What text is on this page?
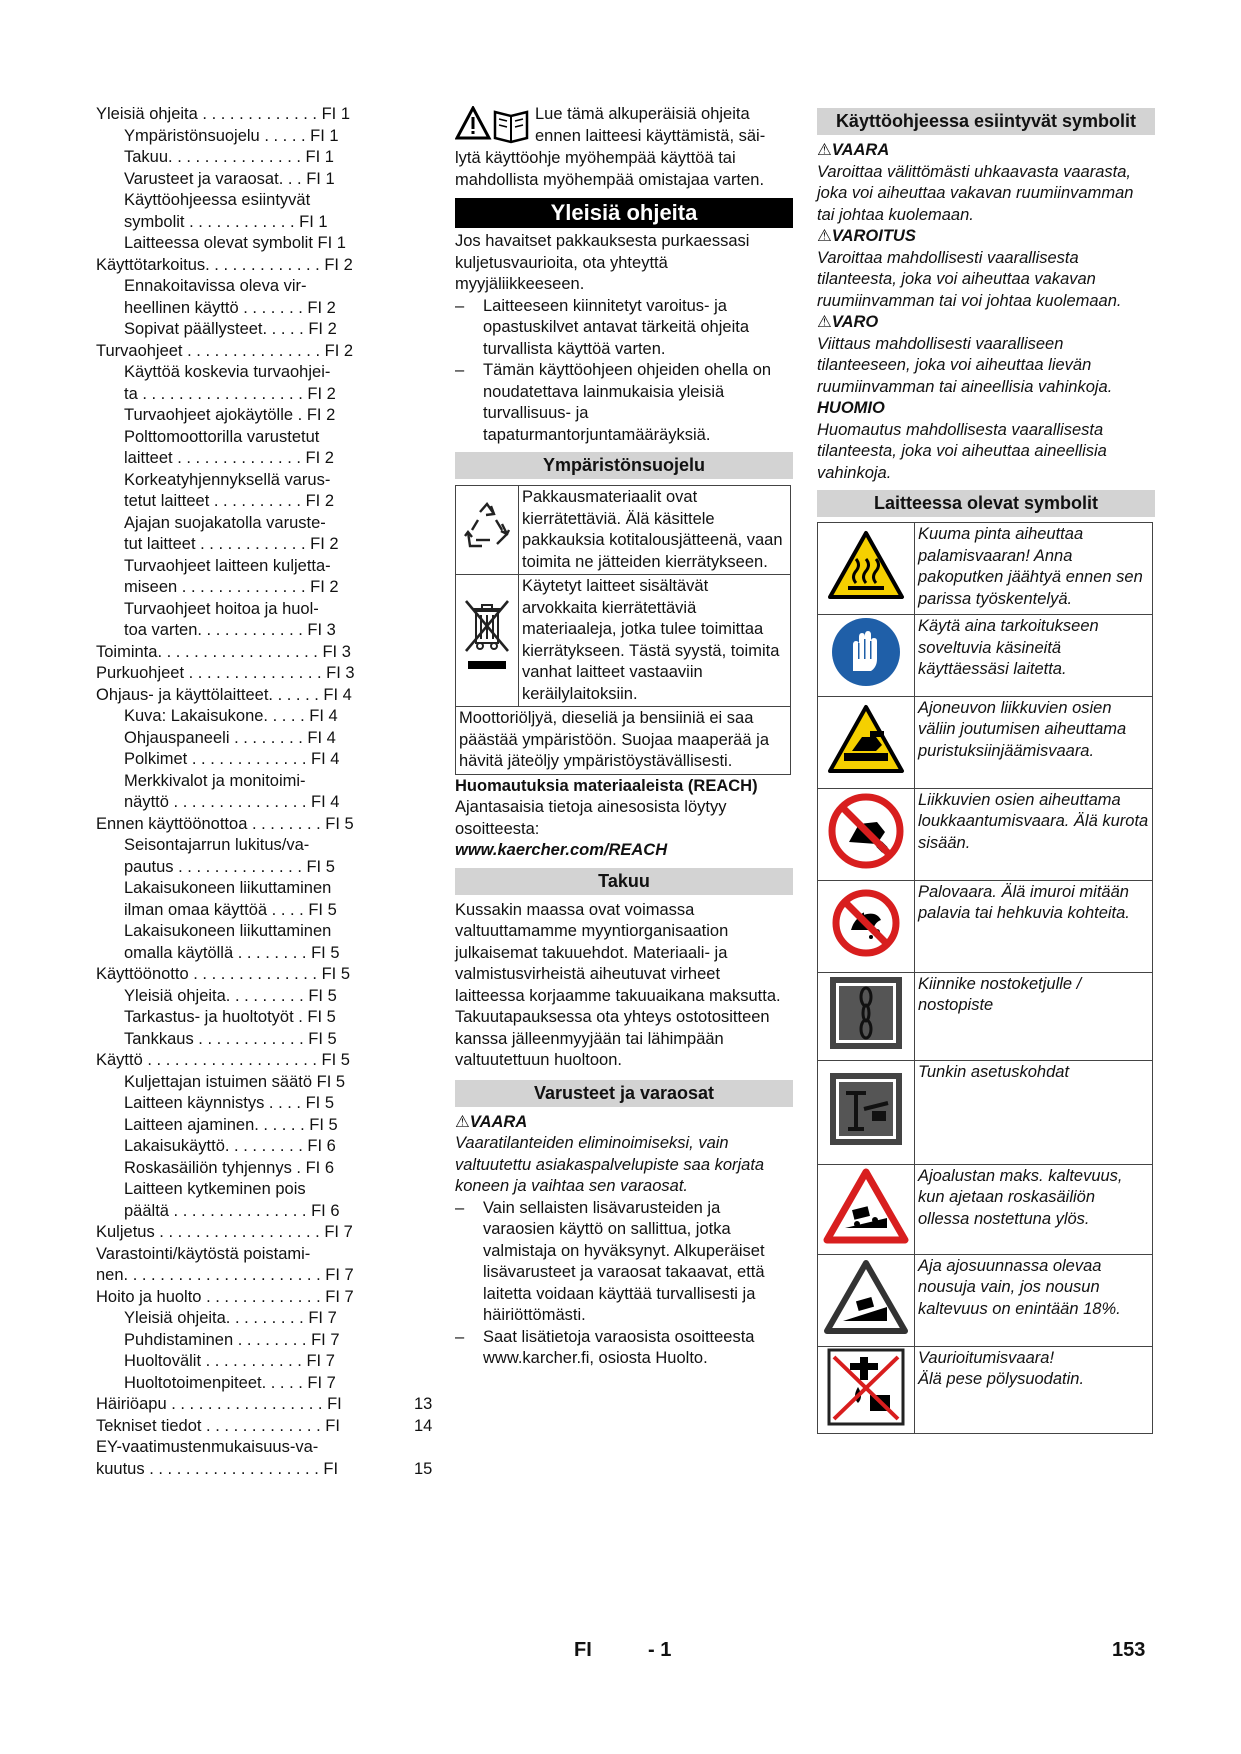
Yleisiä ohjeita . . . . . . . . . . . . . FI 1
Ympäristönsuojelu . . . . . FI 1
Takuu. . . . . . . . . . . . . . . FI 1
Varusteet ja varaosat. . . FI 1
Käyttöohjeessa esiintyvät
symbolit . . . . . . . . . . . . FI 1
Laitteessa olevat symbolit FI 1
Käyttötarkoitus. . . . . . . . . . . . . FI 2
Ennakoitavissa oleva vir-
heellinen käyttö . . . . . . . FI 2
Sopivat päällysteet. . . . . FI 2
Turvaohjeet . . . . . . . . . . . . . . . FI 2
Käyttöä koskevia turvaohjei-
ta . . . . . . . . . . . . . . . . . . FI 2
Turvaohjeet ajokäytölle . FI 2
Polttomoottorilla varustetut
laitteet . . . . . . . . . . . . . . FI 2
Korkeatyhjennyksellä varus-
tetut laitteet . . . . . . . . . . FI 2
Ajajan suojakatolla varuste-
tut laitteet . . . . . . . . . . . . FI 2
Turvaohjeet laitteen kuljetta-
miseen . . . . . . . . . . . . . . FI 2
Turvaohjeet hoitoa ja huol-
toa varten. . . . . . . . . . . . FI 3
Toiminta. . . . . . . . . . . . . . . . . . FI 3
Purkuohjeet . . . . . . . . . . . . . . . FI 3
Ohjaus- ja käyttölaitteet. . . . . . FI 4
Kuva: Lakaisukone. . . . . FI 4
Ohjauspaneeli . . . . . . . . FI 4
Polkimet . . . . . . . . . . . . . FI 4
Merkkivalot ja monitoimi-
näyttö . . . . . . . . . . . . . . . FI 4
Ennen käyttöönottoa . . . . . . . . FI 5
Seisontajarrun lukitus/va-
pautus . . . . . . . . . . . . . . FI 5
Lakaisukoneen liikuttaminen
ilman omaa käyttöä . . . . FI 5
Lakaisukoneen liikuttaminen
omalla käytöllä . . . . . . . . FI 5
Käyttöönotto . . . . . . . . . . . . . . FI 5
Yleisiä ohjeita. . . . . . . . . FI 5
Tarkastus- ja huoltotyöt . FI 5
Tankkaus . . . . . . . . . . . . FI 5
Käyttö . . . . . . . . . . . . . . . . . . . FI 5
Kuljettajan istuimen säätö FI 5
Laitteen käynnistys . . . . FI 5
Laitteen ajaminen. . . . . . FI 5
Lakaisukäyttö. . . . . . . . . FI 6
Roskasäiliön tyhjennys . FI 6
Laitteen kytkeminen pois
päältä . . . . . . . . . . . . . . . FI 6
Kuljetus . . . . . . . . . . . . . . . . . . FI 7
Varastointi/käytöstä poistami-
nen. . . . . . . . . . . . . . . . . . . . . . FI 7
Hoito ja huolto . . . . . . . . . . . . . FI 7
Yleisiä ohjeita. . . . . . . . . FI 7
Puhdistaminen . . . . . . . . FI 7
Huoltovälit . . . . . . . . . . . FI 7
Huoltotoimenpiteet. . . . . FI 7
Häiriöapu . . . . . . . . . . . . . . . . . FI	13
Tekniset tiedot . . . . . . . . . . . . . FI	14
EY-vaatimustenmukaisuus-va-
kuutus . . . . . . . . . . . . . . . . . . . FI	15
Lue tämä alkuperäisiä ohjeita
ennen laitteesi käyttämistä, säi-
lytä käyttöohje myöhempää käyttöä tai
mahdollista myöhempää omistajaa varten.
Yleisiä ohjeita

Jos havaitset pakkauksesta purkaessasi kuljetusvaurioita, ota yhteyttä myyjäliikkeeseen.

– Laitteeseen kiinnitetyt varoitus- ja opastuskilvet antavat tärkeitä ohjeita turvallista käyttöä varten.
– Tämän käyttöohjeen ohjeiden ohella on noudatettava lainmukaisia yleisiä turvallisuus- ja tapaturmantorjuntamääräyksiä.
Ympäristönsuojelu
	Pakkausmateriaalit ovat kierrätettäviä. Älä käsittele pakkauksia kotitalousjätteenä, vaan toimita ne jätteiden kierrätykseen.
	Käytetyt laitteet sisältävät arvokkaita kierrätettäviä materiaaleja, jotka tulee toimittaa kierrätykseen. Tästä syystä, toimita vanhat laitteet vastaaviin keräilylaitoksiin.
Moottoriöljyä, dieseliä ja bensiiniä ei saa päästää ympäristöön. Suojaa maaperää ja hävitä jäteöljy ympäristöystävällisesti.	
Huomautuksia materiaaleista (REACH)
Ajantasaisia tietoja ainesosista löytyy osoitteesta:
www.kaercher.com/REACH
Takuu

Kussakin maassa ovat voimassa valtuuttamamme myyntiorganisaation julkaisemat takuuehdot. Materiaali- ja valmistusvirheistä aiheutuvat virheet laitteessa korjaamme takuuaikana maksutta. Takuutapauksessa ota yhteys ostotositteen kanssa jälleenmyyjään tai lähimpään valtuutettuun huoltoon.

Varusteet ja varaosat
⚠VAARA
Vaaratilanteiden eliminoimiseksi, vain valtuutettu asiakaspalvelupiste saa korjata koneen ja vaihtaa sen varaosat.
– Vain sellaisten lisävarusteiden ja varaosien käyttö on sallittua, jotka valmistaja on hyväksynyt. Alkuperäiset lisävarusteet ja varaosat takaavat, että laitetta voidaan käyttää turvallisesti ja häiriöttömästi.
– Saat lisätietoja varaosista osoitteesta www.karcher.fi, osiosta Huolto.
Käyttöohjeessa esiintyvät symbolit
⚠VAARA
Varoittaa välittömästi uhkaavasta vaarasta, joka voi aiheuttaa vakavan ruumiinvamman tai johtaa kuolemaan.
⚠VAROITUS
Varoittaa mahdollisesti vaarallisesta tilanteesta, joka voi aiheuttaa vakavan ruumiinvamman tai voi johtaa kuolemaan.
⚠VARO
Viittaus mahdollisesti vaaralliseen tilanteeseen, joka voi aiheuttaa lievän ruumiinvamman tai aineellisia vahinkoja.
HUOMIO
Huomautus mahdollisesta vaarallisesta tilanteesta, joka voi aiheuttaa aineellisia vahinkoja.
Laitteessa olevat symbolit
	Kuuma pinta aiheuttaa palamisvaaran! Anna pakoputken jäähtyä ennen sen parissa työskentelyä.
	Käytä aina tarkoitukseen soveltuvia käsineitä käyttäessäsi laitetta.
	Ajoneuvon liikkuvien osien väliin joutumisen aiheuttama puristuksiinjäämisvaara.
	Liikkuvien osien aiheuttama loukkaantumisvaara. Älä kurota sisään.
	Palovaara. Älä imuroi mitään palavia tai hehkuvia kohteita.
	Kiinnike nostoketjulle / nostopiste
	Tunkin asetuskohdat
	Ajoalustan maks. kaltevuus, kun ajetaan roskasäiliön ollessa nostettuna ylös.

18%	Aja ajosuunnassa olevaa nousuja vain, jos nousun kaltevuus on enintään 18%.
	Vaurioitumisvaara!
Älä pese pölysuodatin.
FI	- 1	153
